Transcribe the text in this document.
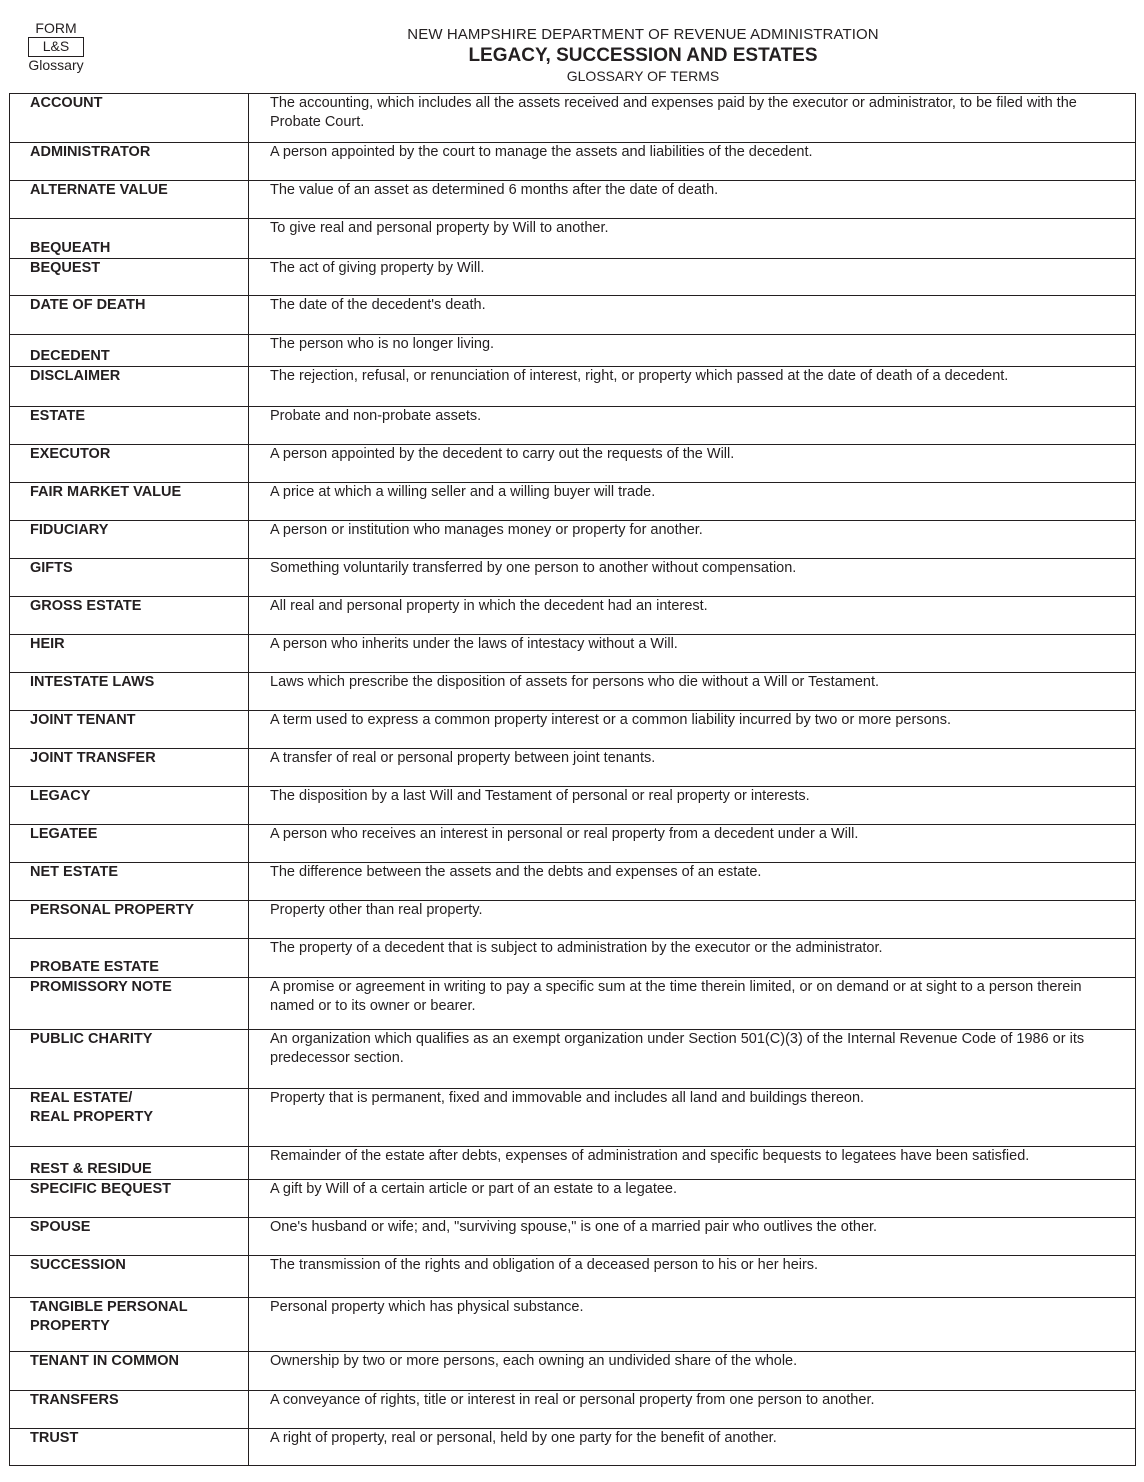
FORM
L&S
Glossary
NEW HAMPSHIRE DEPARTMENT OF REVENUE ADMINISTRATION
LEGACY, SUCCESSION AND ESTATES
GLOSSARY OF TERMS
ACCOUNT	The accounting, which includes all the assets received and expenses paid by the executor or administrator, to be filed with the Probate Court.
ADMINISTRATOR	A person appointed by the court to manage the assets and liabilities of the decedent.
ALTERNATE VALUE	The value of an asset as determined 6 months after the date of death.
BEQUEATH	To give real and personal property by Will to another.
BEQUEST	The act of giving property by Will.
DATE OF DEATH	The date of the decedent's death.
DECEDENT	The person who is no longer living.
DISCLAIMER	The rejection, refusal, or renunciation of interest, right, or property which passed at the date of death of a decedent.
ESTATE	Probate and non-probate assets.
EXECUTOR	A person appointed by the decedent to carry out the requests of the Will.
FAIR MARKET VALUE	A price at which a willing seller and a willing buyer will trade.
FIDUCIARY	A person or institution who manages money or property for another.
GIFTS	Something voluntarily transferred by one person to another without compensation.
GROSS ESTATE	All real and personal property in which the decedent had an interest.
HEIR	A person who inherits under the laws of intestacy without a Will.
INTESTATE LAWS	Laws which prescribe the disposition of assets for persons who die without a Will or Testament.
JOINT TENANT	A term used to express a common property interest or a common liability incurred by two or more persons.
JOINT TRANSFER	A transfer of real or personal property between joint tenants.
LEGACY	The disposition by a last Will and Testament of personal or real property or interests.
LEGATEE	A person who receives an interest in personal or real property from a decedent under a Will.
NET ESTATE	The difference between the assets and the debts and expenses of an estate.
PERSONAL PROPERTY	Property other than real property.
PROBATE ESTATE	The property of a decedent that is subject to administration by the executor or the administrator.
PROMISSORY NOTE	A promise or agreement in writing to pay a specific sum at the time therein limited, or on demand or at sight to a person therein named or to its owner or bearer.
PUBLIC CHARITY	An organization which qualifies as an exempt organization under Section 501(C)(3) of the Internal Revenue Code of 1986 or its predecessor section.
REAL ESTATE/
REAL PROPERTY	Property that is permanent, fixed and immovable and includes all land and buildings thereon.
REST & RESIDUE	Remainder of the estate after debts, expenses of administration and specific bequests to legatees have been satisfied.
SPECIFIC BEQUEST	A gift by Will of a certain article or part of an estate to a legatee.
SPOUSE	One's husband or wife; and, "surviving spouse," is one of a married pair who outlives the other.
SUCCESSION	The transmission of the rights and obligation of a deceased person to his or her heirs.
TANGIBLE PERSONAL PROPERTY	Personal property which has physical substance.
TENANT IN COMMON	Ownership by two or more persons, each owning an undivided share of the whole.
TRANSFERS	A conveyance of rights, title or interest in real or personal property from one person to another.
TRUST	A right of property, real or personal, held by one party for the benefit of another.
